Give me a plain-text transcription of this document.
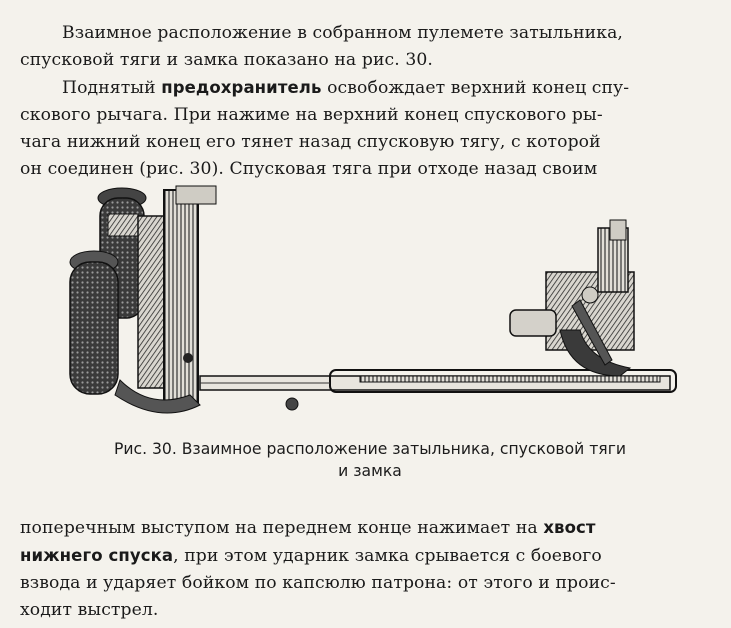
Взаимное расположение в собранном пулемете затыльника,
спусковой тяги и замка показано на рис. 30.
Поднятый предохранитель освобождает верхний конец спу-
скового рычага. При нажиме на верхний конец спускового ры-
чага нижний конец его тянет назад спусковую тягу, с которой
он соединен (рис. 30). Спусковая тяга при отходе назад своим
Рис. 30. Взаимное расположение затыльника, спусковой тяги
и замка
поперечным выступом на переднем конце нажимает на хвост
нижнего спуска, при этом ударник замка срывается с боевого
взвода и ударяет бойком по капсюлю патрона: от этого и проис-
ходит выстрел.
